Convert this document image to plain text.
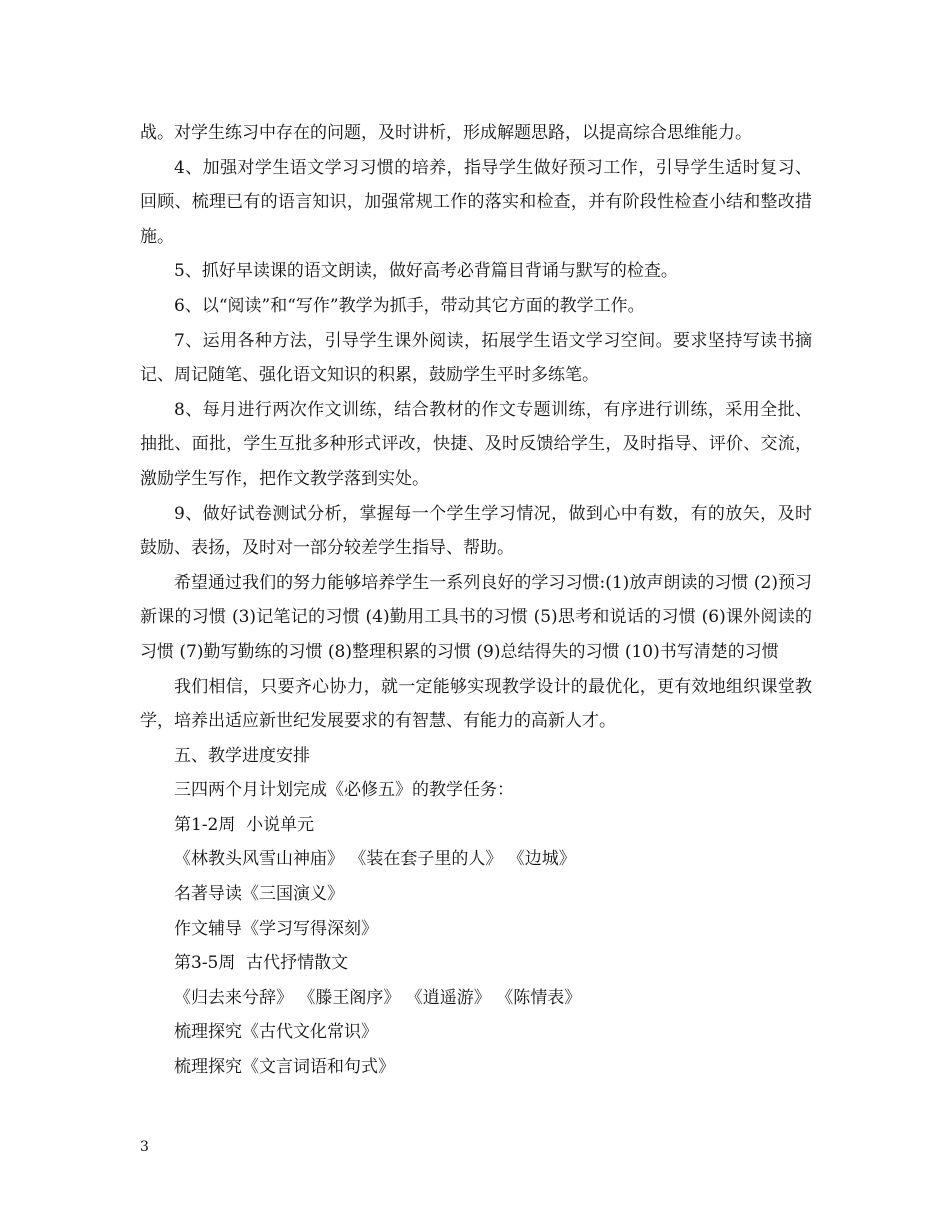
战。对学生练习中存在的问题，及时讲析，形成解题思路，以提高综合思维能力。

4、加强对学生语文学习习惯的培养，指导学生做好预习工作，引导学生适时复习、回顾、梳理已有的语言知识，加强常规工作的落实和检查，并有阶段性检查小结和整改措施。

5、抓好早读课的语文朗读，做好高考必背篇目背诵与默写的检查。

6、以“阅读”和“写作”教学为抓手，带动其它方面的教学工作。

7、运用各种方法，引导学生课外阅读，拓展学生语文学习空间。要求坚持写读书摘记、周记随笔、强化语文知识的积累，鼓励学生平时多练笔。

8、每月进行两次作文训练，结合教材的作文专题训练，有序进行训练，采用全批、抽批、面批，学生互批多种形式评改，快捷、及时反馈给学生，及时指导、评价、交流，激励学生写作，把作文教学落到实处。

9、做好试卷测试分析，掌握每一个学生学习情况，做到心中有数，有的放矢，及时鼓励、表扬，及时对一部分较差学生指导、帮助。

希望通过我们的努力能够培养学生一系列良好的学习习惯:(1)放声朗读的习惯 (2)预习新课的习惯 (3)记笔记的习惯 (4)勤用工具书的习惯 (5)思考和说话的习惯 (6)课外阅读的习惯 (7)勤写勤练的习惯 (8)整理积累的习惯 (9)总结得失的习惯 (10)书写清楚的习惯

我们相信，只要齐心协力，就一定能够实现教学设计的最优化，更有效地组织课堂教学，培养出适应新世纪发展要求的有智慧、有能力的高新人才。

五、教学进度安排

三四两个月计划完成《必修五》的教学任务：

第1-2周  小说单元

《林教头风雪山神庙》 《装在套子里的人》 《边城》

名著导读《三国演义》

作文辅导《学习写得深刻》

第3-5周  古代抒情散文

《归去来兮辞》 《滕王阁序》 《逍遥游》 《陈情表》

梳理探究《古代文化常识》

梳理探究《文言词语和句式》

3
